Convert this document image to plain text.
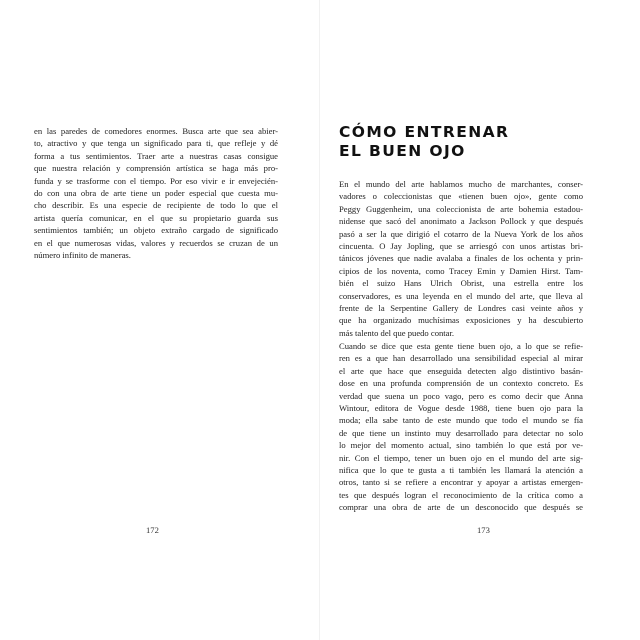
en las paredes de comedores enormes. Busca arte que sea abier-
to, atractivo y que tenga un significado para ti, que refleje y dé
forma a tus sentimientos. Traer arte a nuestras casas consigue
que nuestra relación y comprensión artística se haga más pro-
funda y se trasforme con el tiempo. Por eso vivir e ir envejecién-
do con una obra de arte tiene un poder especial que cuesta mu-
cho describir. Es una especie de recipiente de todo lo que el
artista quería comunicar, en el que su propietario guarda sus
sentimientos también; un objeto extraño cargado de significado
en el que numerosas vidas, valores y recuerdos se cruzan de un
número infinito de maneras.

172
CÓMO ENTRENAR
EL BUEN OJO

En el mundo del arte hablamos mucho de marchantes, conser-
vadores o coleccionistas que «tienen buen ojo», gente como
Peggy Guggenheim, una coleccionista de arte bohemia estadou-
nidense que sacó del anonimato a Jackson Pollock y que después
pasó a ser la que dirigió el cotarro de la Nueva York de los años
cincuenta. O Jay Jopling, que se arriesgó con unos artistas bri-
tánicos jóvenes que nadie avalaba a finales de los ochenta y prin-
cipios de los noventa, como Tracey Emin y Damien Hirst. Tam-
bién el suizo Hans Ulrich Obrist, una estrella entre los
conservadores, es una leyenda en el mundo del arte, que lleva al
frente de la Serpentine Gallery de Londres casi veinte años y
que ha organizado muchísimas exposiciones y ha descubierto
más talento del que puedo contar.

Cuando se dice que esta gente tiene buen ojo, a lo que se refie-
ren es a que han desarrollado una sensibilidad especial al mirar
el arte que hace que enseguida detecten algo distintivo basán-
dose en una profunda comprensión de un contexto concreto. Es
verdad que suena un poco vago, pero es como decir que Anna
Wintour, editora de Vogue desde 1988, tiene buen ojo para la
moda; ella sabe tanto de este mundo que todo el mundo se fía
de que tiene un instinto muy desarrollado para detectar no solo
lo mejor del momento actual, sino también lo que está por ve-
nir. Con el tiempo, tener un buen ojo en el mundo del arte sig-
nifica que lo que te gusta a ti también les llamará la atención a
otros, tanto si se refiere a encontrar y apoyar a artistas emergen-
tes que después logran el reconocimiento de la crítica como a
comprar una obra de arte de un desconocido que después se

173
